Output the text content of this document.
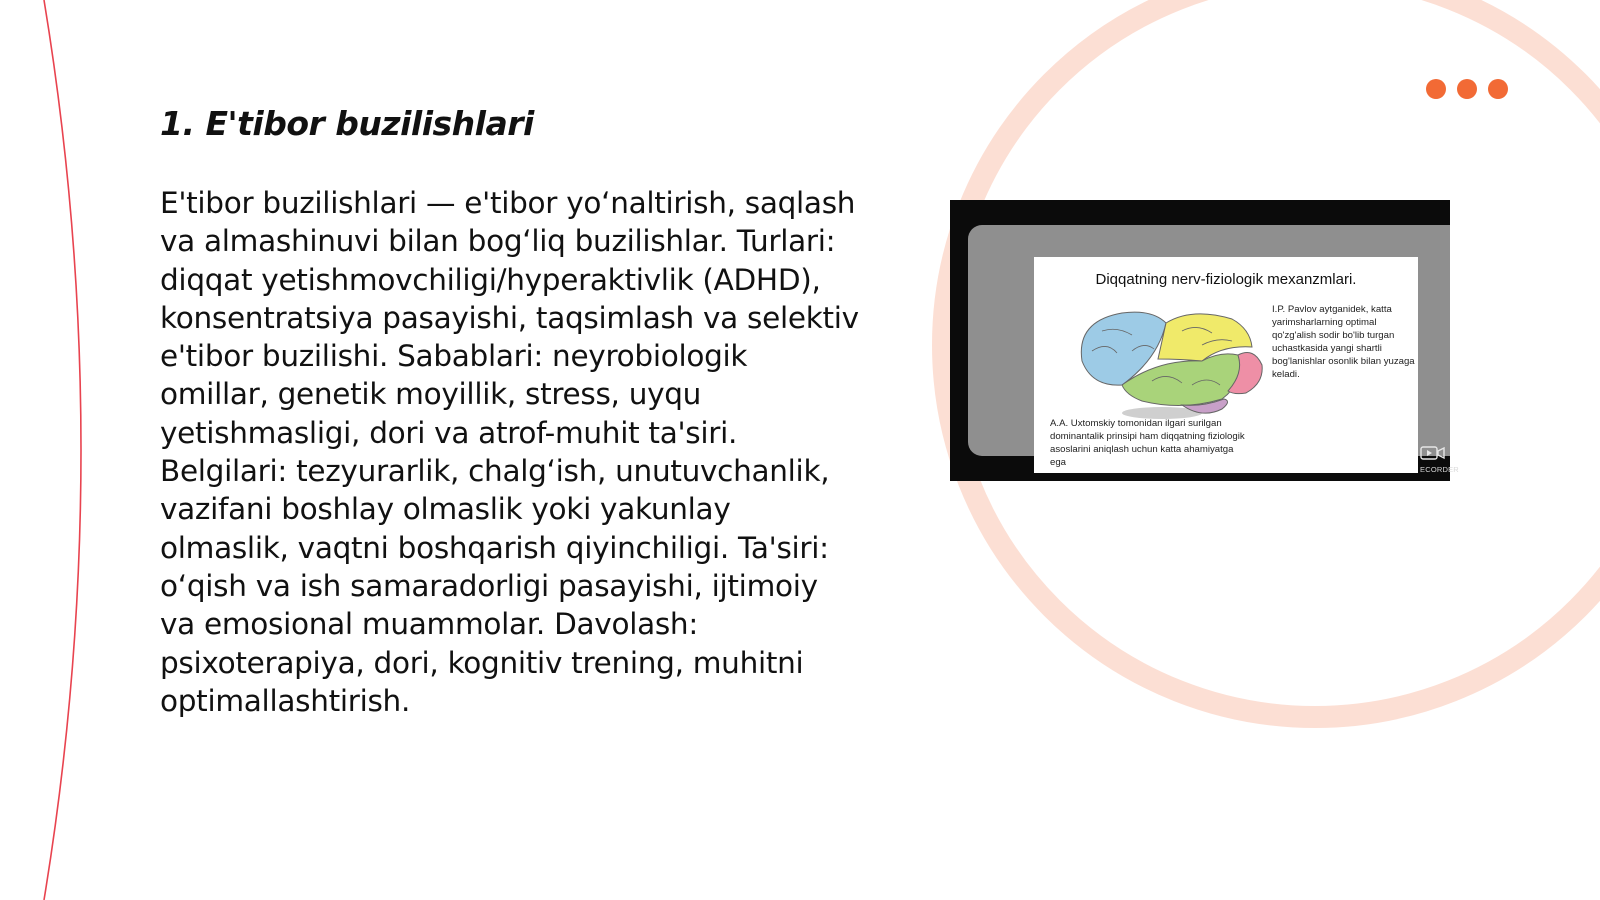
1. E'tibor buzilishlari

E'tibor buzilishlari — e'tibor yo‘naltirish, saqlash va almashinuvi bilan bog‘liq buzilishlar. Turlari: diqqat yetishmovchiligi/hyperaktivlik (ADHD), konsentratsiya pasayishi, taqsimlash va selektiv e'tibor buzilishi. Sabablari: neyrobiologik omillar, genetik moyillik, stress, uyqu yetishmasligi, dori va atrof-muhit ta'siri. Belgilari: tezyurarlik, chalg‘ish, unutuvchanlik, vazifani boshlay olmaslik yoki yakunlay olmaslik, vaqtni boshqarish qiyinchiligi. Ta'siri: o‘qish va ish samaradorligi pasayishi, ijtimoiy va emosional muammolar. Davolash: psixoterapiya, dori, kognitiv trening, muhitni optimallashtirish.

Diqqatning nerv-fiziologik mexanzmlari.
I.P. Pavlov aytganidek, katta yarimsharlarning optimal qo'zg'alish sodir bo'lib turgan uchastkasida yangi shartli bog'lanishlar osonlik bilan yuzaga keladi.
A.A. Uxtomskiy tomonidan ilgari surilgan dominantalik prinsipi ham diqqatning fiziologik asoslarini aniqlash uchun katta ahamiyatga ega
ECORDER
